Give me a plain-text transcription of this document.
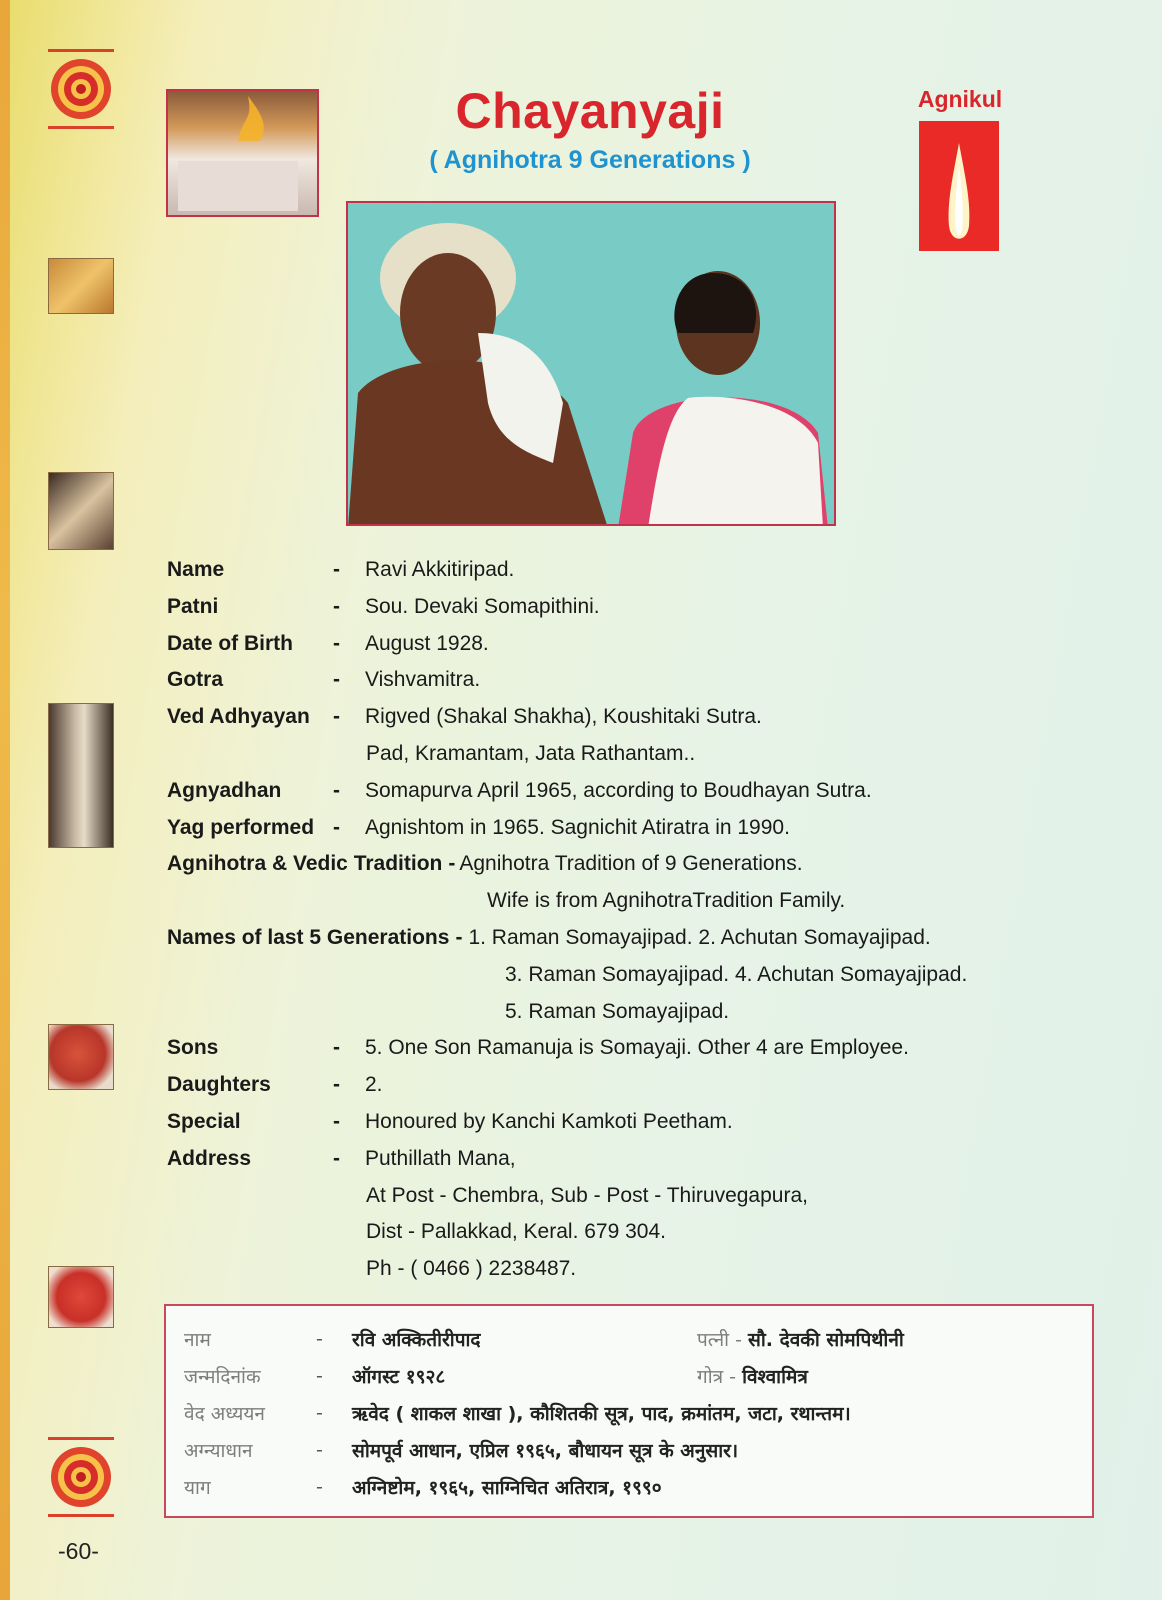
Chayanyaji
( Agnihotra 9 Generations )
Agnikul
Name	-	Ravi Akkitiripad.
Patni	-	Sou. Devaki Somapithini.
Date of Birth	-	August 1928.
Gotra	-	Vishvamitra.
Ved Adhyayan	-	Rigved (Shakal Shakha), Koushitaki Sutra.
Pad, Kramantam, Jata Rathantam..
Agnyadhan	-	Somapurva April 1965, according to Boudhayan Sutra.
Yag performed -	Agnishtom in 1965. Sagnichit Atiratra in 1990.
Agnihotra & Vedic Tradition - Agnihotra Tradition of 9 Generations.
Wife is from AgnihotraTradition Family.
Names of last 5 Generations - 1. Raman Somayajipad. 2. Achutan Somayajipad.
3. Raman Somayajipad. 4. Achutan Somayajipad.
5. Raman Somayajipad.
Sons	-	5. One Son Ramanuja is Somayaji. Other 4 are Employee.
Daughters	-	2.
Special	-	Honoured by Kanchi Kamkoti Peetham.
Address	-	Puthillath Mana,
At Post - Chembra, Sub - Post - Thiruvegapura,
Dist - Pallakkad, Keral. 679 304.
Ph - ( 0466 ) 2238487.
नाम	-	रवि अक्कितीरीपाद	पत्नी - सौ. देवकी सोमपिथीनी
जन्मदिनांक	-	ऑगस्ट १९२८	गोत्र - विश्वामित्र
वेद अध्ययन	-	ऋवेद ( शाकल शाखा ), कौशितकी सूत्र, पाद, क्रमांतम, जटा, रथान्तम।
अग्न्याधान	-	सोमपूर्व आधान, एप्रिल १९६५, बौधायन सूत्र के अनुसार।
याग	-	अग्निष्टोम, १९६५, साग्निचित अतिरात्र, १९९०
-60-
